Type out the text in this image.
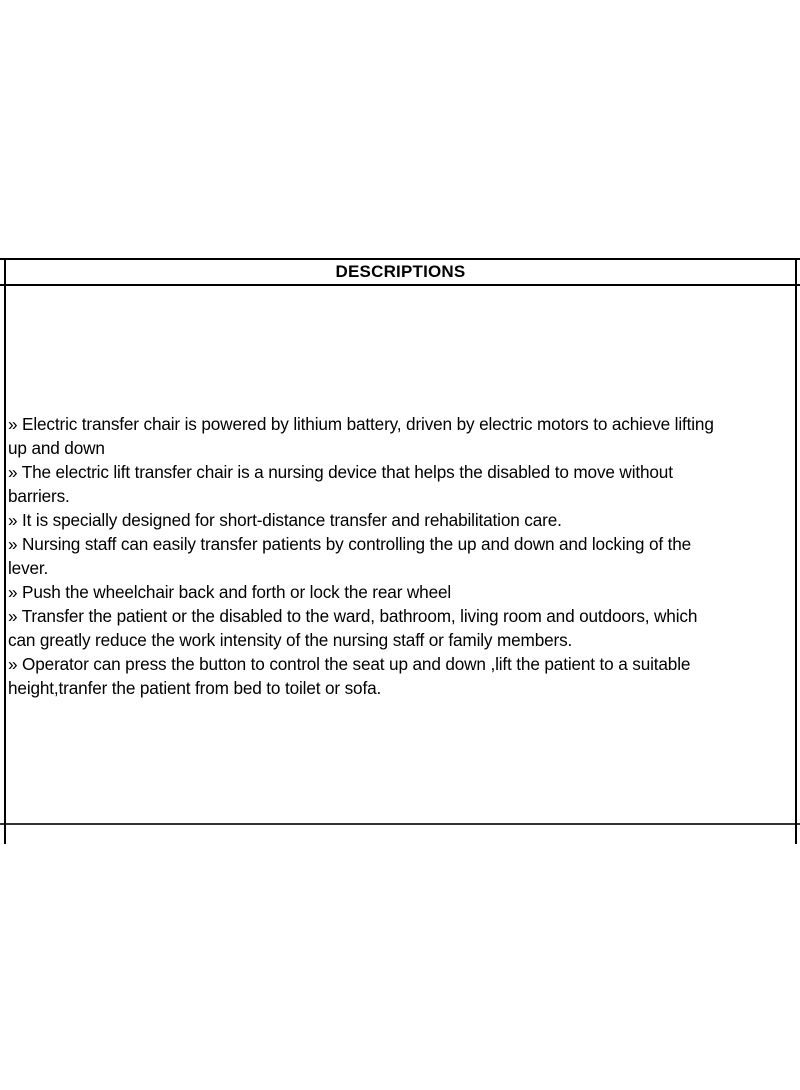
DESCRIPTIONS
» Electric transfer chair is powered by lithium battery, driven by electric motors to achieve lifting
up and down
» The electric lift transfer chair is a nursing device that helps the disabled to move without
barriers.
» It is specially designed for short-distance transfer and rehabilitation care.
» Nursing staff can easily transfer patients by controlling the up and down and locking of the
lever.
» Push the wheelchair back and forth or lock the rear wheel
» Transfer the patient or the disabled to the ward, bathroom, living room and outdoors, which
can greatly reduce the work intensity of the nursing staff or family members.
» Operator can press the button to control the seat up and down ,lift the patient to a suitable
height,tranfer the patient from bed to toilet or sofa.
